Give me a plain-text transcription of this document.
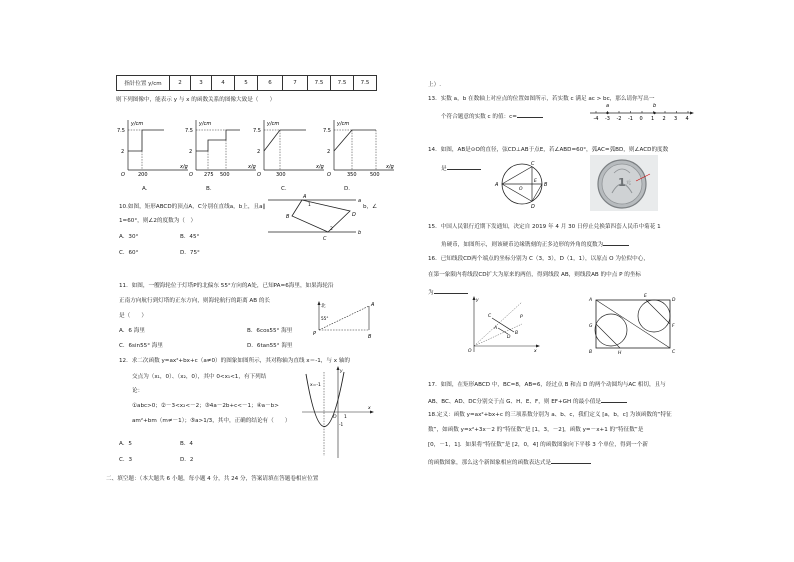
指针位置 y/cm	2	3	4	5	6	7	7.5	7.5	7.5
则下列图像中，能表示 y 与 x 的函数关系的图像大致是（　　）
y/cm
7.5
2
O	200
x/g
A.
y/cm
7.5
2
O 275 500
x/g
B.
y/cm
7.5
2
O	300
x/g
C.
y/cm
7.5
2
O	350	500
x/g
D.
10.如图，矩形ABCD的顶点A，C分别在直线a，b上，且a∥	b，∠
1=60°，则∠2的度数为（　）
A．30°	B．45°
C．60°	D．75°
a
b
A
B
C
D
1
2
11．如图，一艘海轮位于灯塔P的北偏东 55°方向的A处，已知PA=6海里，如果海轮沿
正南方向航行到灯塔的正东方向，则海轮航行的距离 AB 的长
是（　　）
A．6 海里	B．6cos55° 海里
C．6sin55° 海里	D．6tan55° 海里
北
55°
P
A
B
12．求二次函数 y=ax²+bx+c（a≠0）的图象如图所示，其对称轴为直线 x＝-1，与 x 轴的
交点为（x₁，0）、（x₂，0），其中 0<x₁<1，有下列结
论：
①abc>0；②－3<x₂<－2；③4a－2b+c<－1；④a－b>
am²+bm（m≠－1）；⑤a>1/3，其中，正确的结论有（　　）
A．5	B．4
C．3	D．2
x=-1
O
x
y
1
-1
二、填空题：（本大题共 6 小题，每小题 4 分，共 24 分，答案请填在答题卷相应位置
上）.
13．实数 a，b 在数轴上对应点的位置如图所示，若实数 c 满足 ac > bc，那么请你写出一
个符合题意的实数 c 的值：c=	-4 -3 -2 -1 0 1 2 3 4
a	b
14．如图，AB是⊙O的直径，弦CD⊥AB于点E，若∠ABD=60°，弧AC=弧BD，则∠ACD的度数
是
A	B
C
D
E
O
1 元
15．中国人民银行近期下发通知，决定自 2019 年 4 月 30 日停止兑换第四套人民币中菊花 1
角硬币，如图所示，则该硬币边缘镌刻的正多边形的外角的度数为
16．已知线段CD两个端点的坐标分别为 C（3，3），D（1，1），以原点 O 为位似中心，
在第一象限内将线段CD扩大为原来的两倍，得到线段 AB，则线段AB 的中点 P 的坐标
为
y
x
O
C
D
A
B
P
A
B	C
D
E
F
G
H
17．如图，在矩形ABCD 中，BC=8，AB=6，经过点 B 和点 D 的两个动圆均与AC 相切，且与
AB、BC、AD、DC分别交于点 G、H、E、F，则 EF+GH 的最小值是
18.定义：函数 y=ax²+bx+c 的三项系数分别为 a、b、c，我们定义 [a，b，c] 为该函数的“特征
数”，如函数 y=x²+3x－2 的“特征数”是 [1，3，－2]，函数 y=－x+1 的“特征数”是
[0，－1，1]．如果将“特征数”是 [2，0，4] 的函数图象向下平移 3 个单位，得到一个新
的函数图象，那么这个新图象相应的函数表达式是
